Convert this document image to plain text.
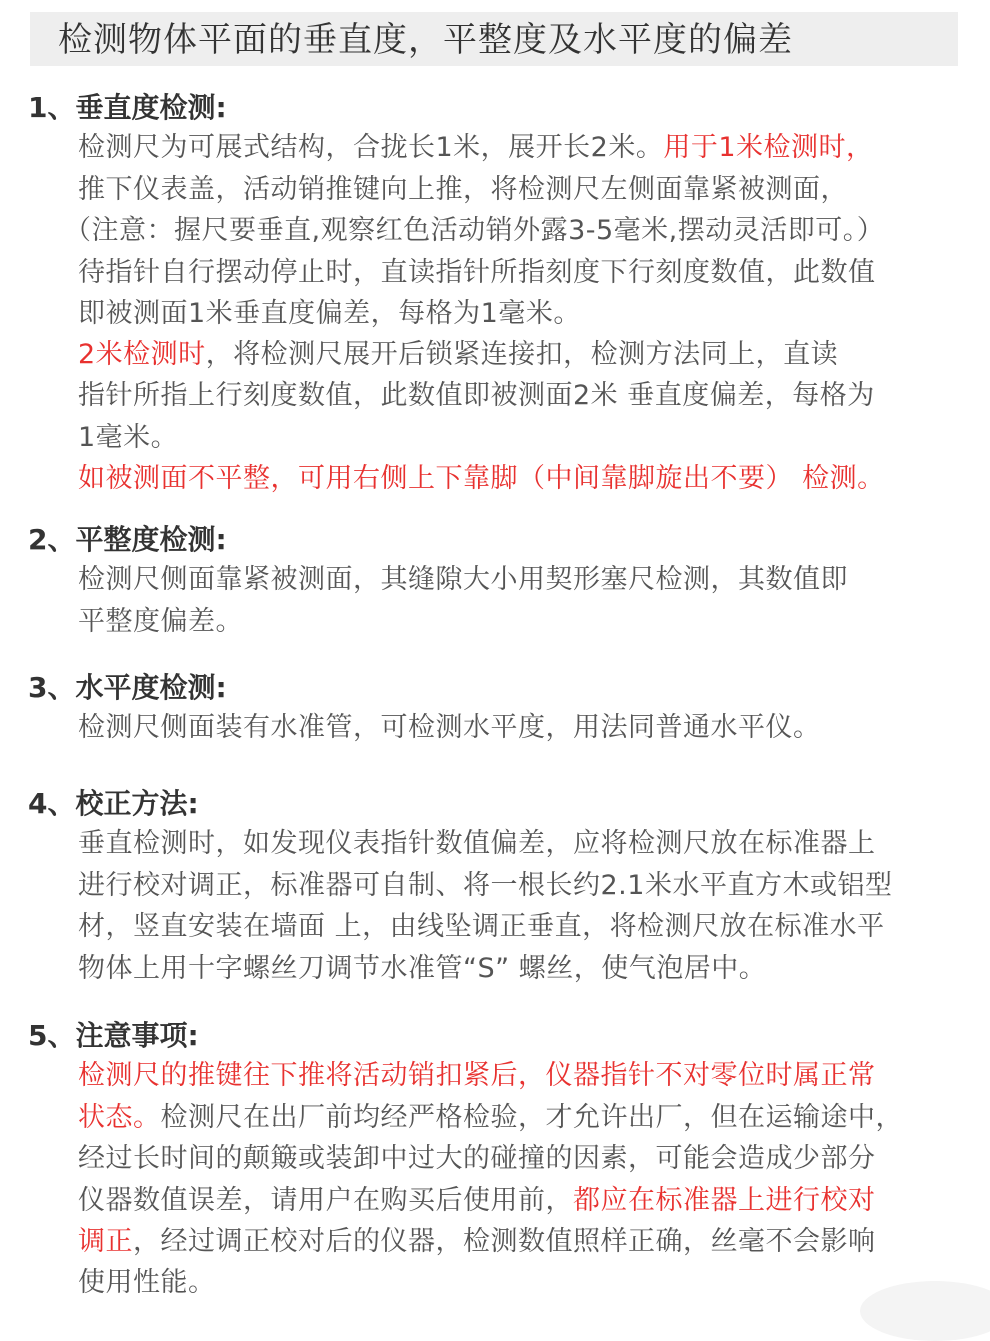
检测物体平面的垂直度，平整度及水平度的偏差
1、垂直度检测:
检测尺为可展式结构，合拢长1米，展开长2米。用于1米检测时，
推下仪表盖，活动销推键向上推，将检测尺左侧面靠紧被测面，
（注意：握尺要垂直,观察红色活动销外露3-5毫米,摆动灵活即可。）
待指针自行摆动停止时，直读指针所指刻度下行刻度数值，此数值
即被测面1米垂直度偏差，每格为1毫米。
2米检测时，将检测尺展开后锁紧连接扣，检测方法同上，直读
指针所指上行刻度数值，此数值即被测面2米 垂直度偏差，每格为
1毫米。
如被测面不平整，可用右侧上下靠脚（中间靠脚旋出不要） 检测。
2、平整度检测:
检测尺侧面靠紧被测面，其缝隙大小用契形塞尺检测，其数值即
平整度偏差。
3、水平度检测:
检测尺侧面装有水准管，可检测水平度，用法同普通水平仪。
4、校正方法:
垂直检测时，如发现仪表指针数值偏差，应将检测尺放在标准器上
进行校对调正，标准器可自制、将一根长约2.1米水平直方木或铝型
材，竖直安装在墙面 上，由线坠调正垂直，将检测尺放在标准水平
物体上用十字螺丝刀调节水准管“S” 螺丝，使气泡居中。
5、注意事项:
检测尺的推键往下推将活动销扣紧后，仪器指针不对零位时属正常
状态。检测尺在出厂前均经严格检验，才允许出厂，但在运输途中，
经过长时间的颠簸或装卸中过大的碰撞的因素，可能会造成少部分
仪器数值误差，请用户在购买后使用前，都应在标准器上进行校对
调正，经过调正校对后的仪器，检测数值照样正确，丝毫不会影响
使用性能。
